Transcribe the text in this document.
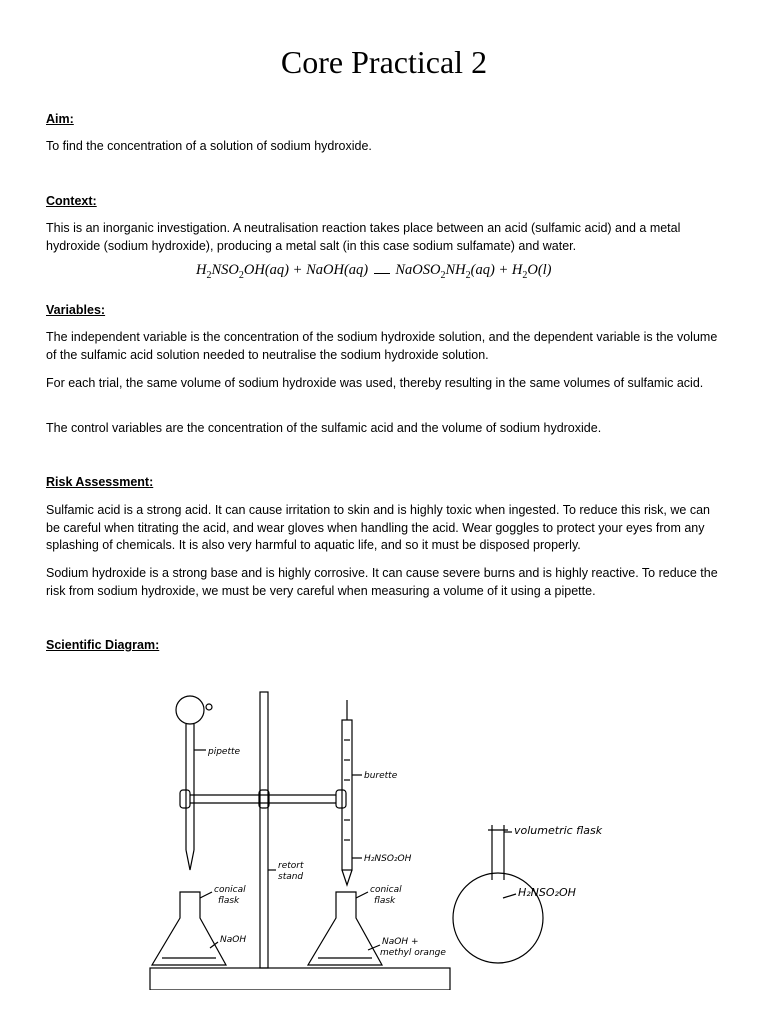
Core Practical 2
Aim:
To find the concentration of a solution of sodium hydroxide.
Context:
This is an inorganic investigation. A neutralisation reaction takes place between an acid (sulfamic acid) and a metal hydroxide (sodium hydroxide), producing a metal salt (in this case sodium sulfamate) and water.
$H_2NSO_2OH(aq)$ + NaOH(aq) $NaOSO_2NH_2(aq) + H_2O(l)$
Variables:
The independent variable is the concentration of the sodium hydroxide solution, and the dependent variable is the volume of the sulfamic acid solution needed to neutralise the sodium hydroxide solution.
For each trial, the same volume of sodium hydroxide was used, thereby resulting in the same volumes of sulfamic acid.
The control variables are the concentration of the sulfamic acid and the volume of sodium hydroxide.
Risk Assessment:
Sulfamic acid is a strong acid. It can cause irritation to skin and is highly toxic when ingested. To reduce this risk, we can be careful when titrating the acid, and wear gloves when handling the acid. Wear goggles to protect your eyes from any splashing of chemicals. It is also very harmful to aquatic life, and so it must be disposed properly.
Sodium hydroxide is a strong base and is highly corrosive. It can cause severe burns and is highly reactive. To reduce the risk from sodium hydroxide, we must be very careful when measuring a volume of it using a pipette.
Scientific Diagram:
pipette
burette
H₂NSO₂OH
retort
stand
conical
flask
NaOH
conical
flask
NaOH +
methyl orange
volumetric flask
H₂NSO₂OH
